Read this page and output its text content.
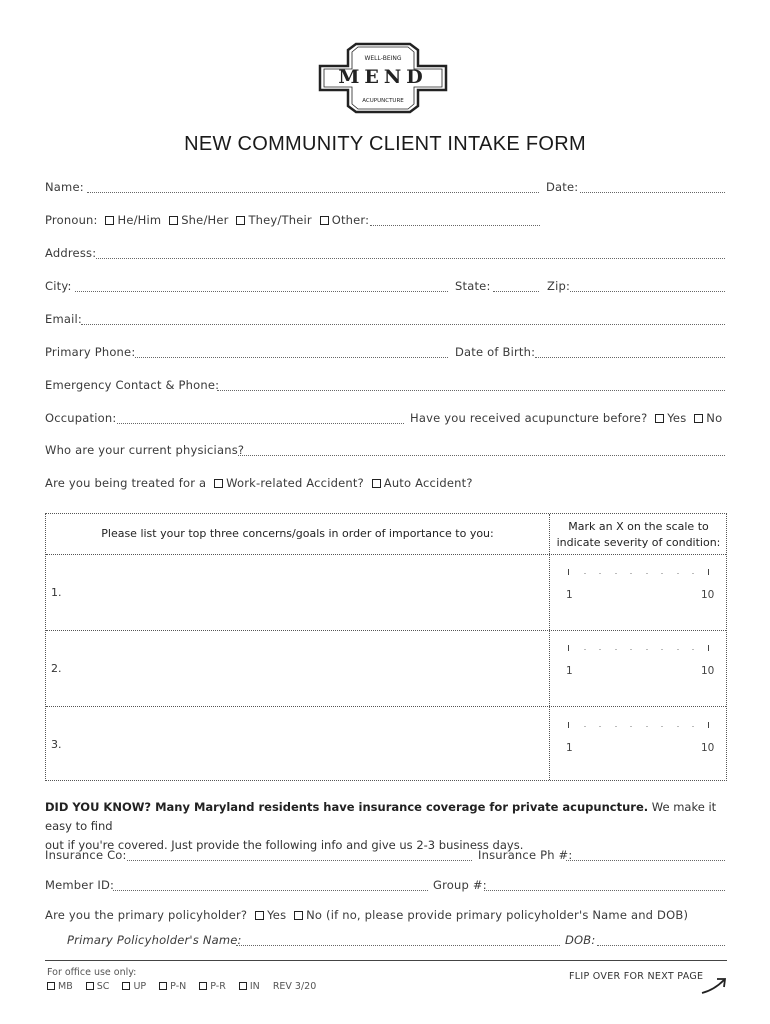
WELL-BEING
ACUPUNCTURE
MEND
NEW COMMUNITY CLIENT INTAKE FORM
Name:	Date:
Pronoun: He/Him She/Her They/Their Other:
Address:
City:	State:	Zip:
Email:
Primary Phone:	Date of Birth:
Emergency Contact & Phone:
Occupation:	Have you received acupuncture before? Yes No
Who are your current physicians?
Are you being treated for a Work-related Accident? Auto Accident?
Please list your top three concerns/goals in order of importance to you:
Mark an X on the scale to
indicate severity of condition:
1.	1	10
2.	1	10
3.	1	10
DID YOU KNOW? Many Maryland residents have insurance coverage for private acupuncture. We make it easy to find
out if you're covered. Just provide the following info and give us 2-3 business days.
Insurance Co:	Insurance Ph #:
Member ID:	Group #:
Are you the primary policyholder? Yes No (if no, please provide primary policyholder's Name and DOB)
Primary Policyholder's Name:	DOB:
For office use only:
MB	SC	UP	P-N	P-R	IN REV 3/20
FLIP OVER FOR NEXT PAGE
